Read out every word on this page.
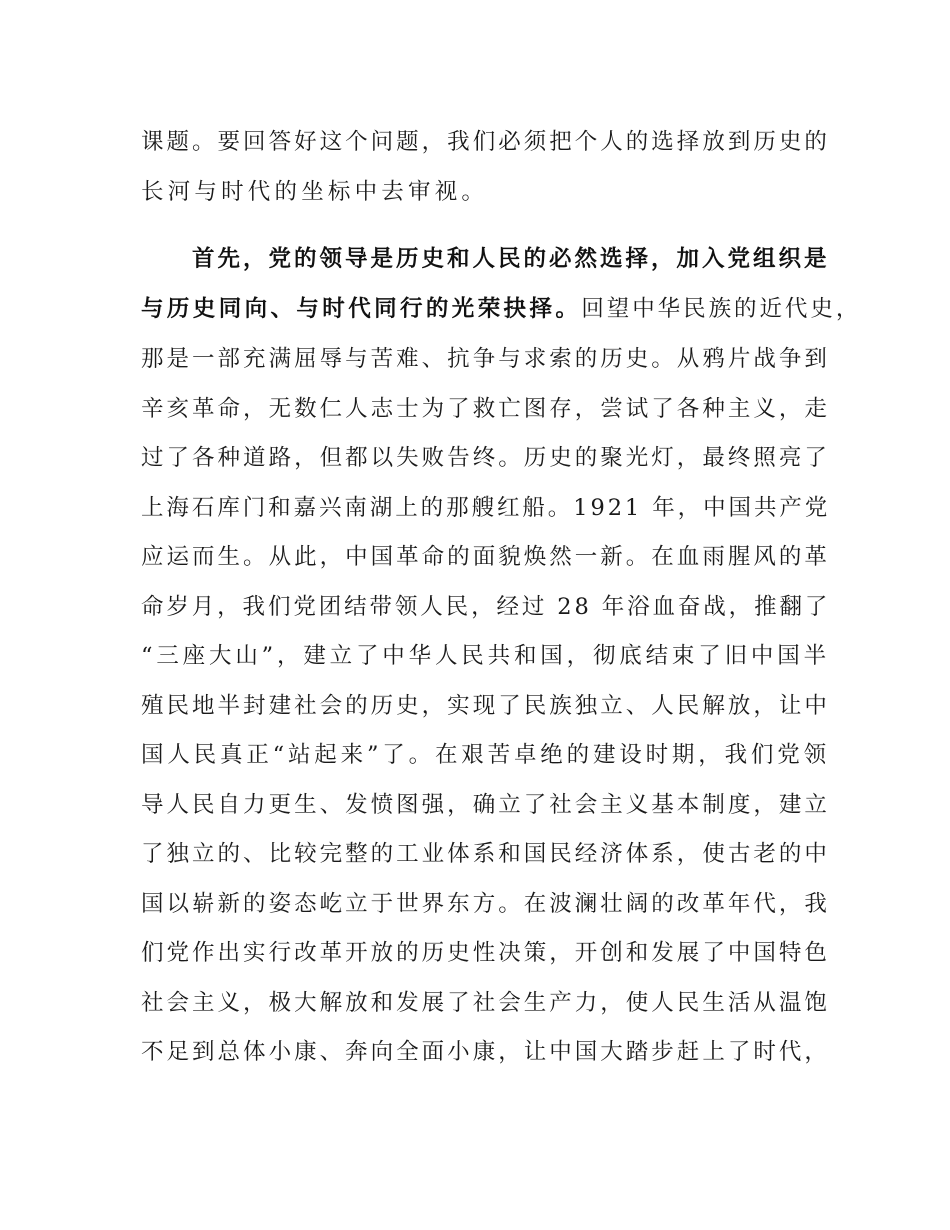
课题。要回答好这个问题，我们必须把个人的选择放到历史的
长河与时代的坐标中去审视。
首先，党的领导是历史和人民的必然选择，加入党组织是
与历史同向、与时代同行的光荣抉择。回望中华民族的近代史，
那是一部充满屈辱与苦难、抗争与求索的历史。从鸦片战争到
辛亥革命，无数仁人志士为了救亡图存，尝试了各种主义，走
过了各种道路，但都以失败告终。历史的聚光灯，最终照亮了
上海石库门和嘉兴南湖上的那艘红船。1921 年，中国共产党
应运而生。从此，中国革命的面貌焕然一新。在血雨腥风的革
命岁月，我们党团结带领人民，经过 28 年浴血奋战，推翻了
“三座大山”，建立了中华人民共和国，彻底结束了旧中国半
殖民地半封建社会的历史，实现了民族独立、人民解放，让中
国人民真正“站起来”了。在艰苦卓绝的建设时期，我们党领
导人民自力更生、发愤图强，确立了社会主义基本制度，建立
了独立的、比较完整的工业体系和国民经济体系，使古老的中
国以崭新的姿态屹立于世界东方。在波澜壮阔的改革年代，我
们党作出实行改革开放的历史性决策，开创和发展了中国特色
社会主义，极大解放和发展了社会生产力，使人民生活从温饱
不足到总体小康、奔向全面小康，让中国大踏步赶上了时代，
